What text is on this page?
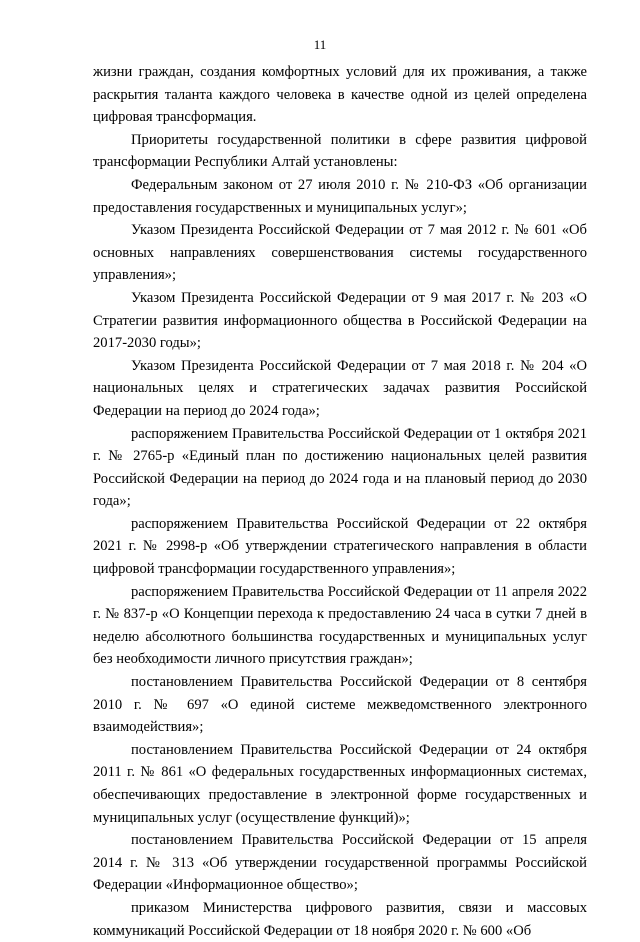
11

жизни граждан, создания комфортных условий для их проживания, а также раскрытия таланта каждого человека в качестве одной из целей определена цифровая трансформация.

Приоритеты государственной политики в сфере развития цифровой трансформации Республики Алтай установлены:

Федеральным законом от 27 июля 2010 г. № 210-ФЗ «Об организации предоставления государственных и муниципальных услуг»;

Указом Президента Российской Федерации от 7 мая 2012 г. № 601 «Об основных направлениях совершенствования системы государственного управления»;

Указом Президента Российской Федерации от 9 мая 2017 г. № 203 «О Стратегии развития информационного общества в Российской Федерации на 2017-2030 годы»;

Указом Президента Российской Федерации от 7 мая 2018 г. № 204 «О национальных целях и стратегических задачах развития Российской Федерации на период до 2024 года»;

распоряжением Правительства Российской Федерации от 1 октября 2021 г. № 2765-р «Единый план по достижению национальных целей развития Российской Федерации на период до 2024 года и на плановый период до 2030 года»;

распоряжением Правительства Российской Федерации от 22 октября 2021 г. № 2998-р «Об утверждении стратегического направления в области цифровой трансформации государственного управления»;

распоряжением Правительства Российской Федерации от 11 апреля 2022 г. № 837-р «О Концепции перехода к предоставлению 24 часа в сутки 7 дней в неделю абсолютного большинства государственных и муниципальных услуг без необходимости личного присутствия граждан»;

постановлением Правительства Российской Федерации от 8 сентября 2010 г. № 697 «О единой системе межведомственного электронного взаимодействия»;

постановлением Правительства Российской Федерации от 24 октября 2011 г. № 861 «О федеральных государственных информационных системах, обеспечивающих предоставление в электронной форме государственных и муниципальных услуг (осуществление функций)»;

постановлением Правительства Российской Федерации от 15 апреля 2014 г. № 313 «Об утверждении государственной программы Российской Федерации «Информационное общество»;

приказом Министерства цифрового развития, связи и массовых коммуникаций Российской Федерации от 18 ноября 2020 г. № 600 «Об
